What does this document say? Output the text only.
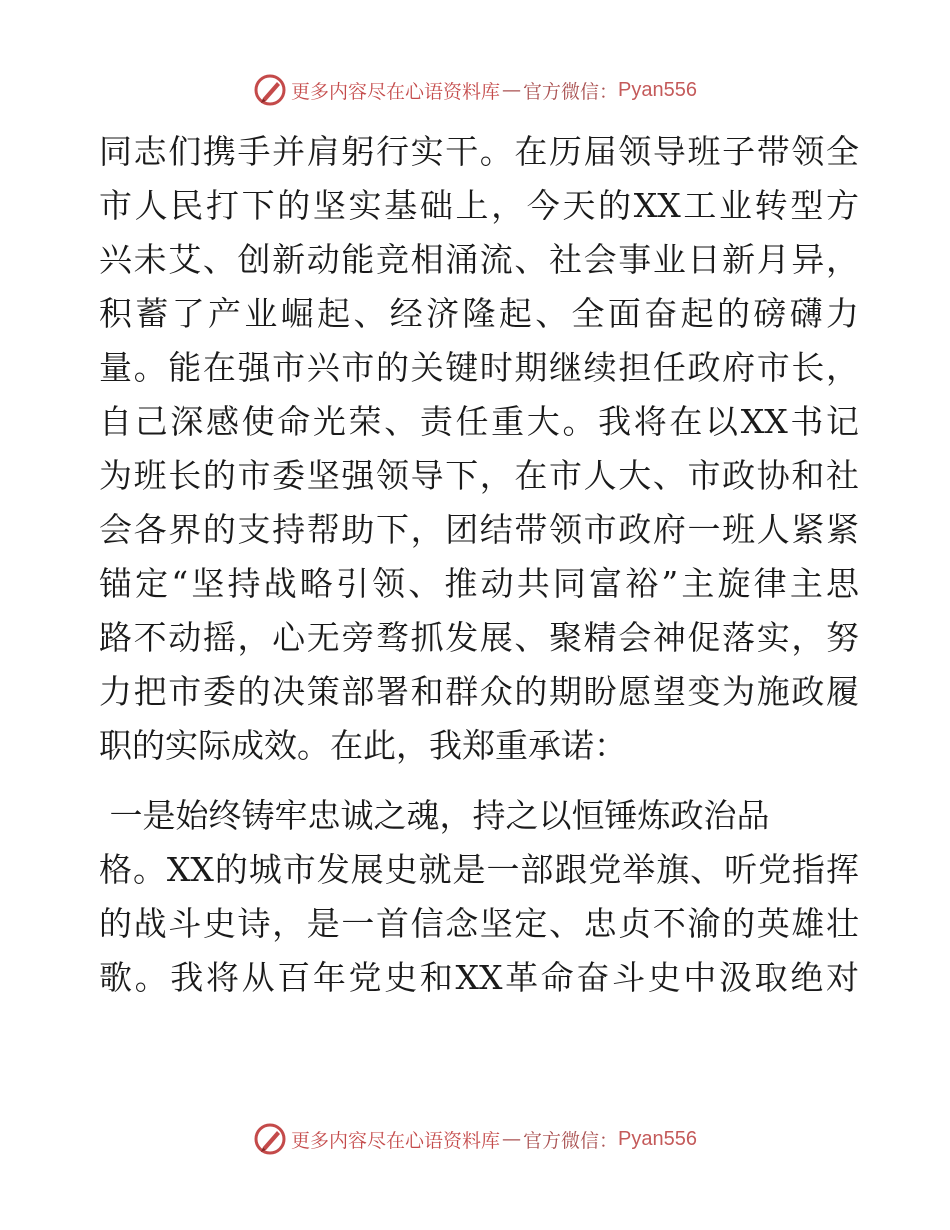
更多内容尽在心语资料库 — 官方微信： Pyan556
同志们携手并肩躬行实干。在历届领导班子带领全
市人民打下的坚实基础上，今天的XX工业转型方
兴未艾、创新动能竞相涌流、社会事业日新月异，
积蓄了产业崛起、经济隆起、全面奋起的磅礴力
量。能在强市兴市的关键时期继续担任政府市长，
自己深感使命光荣、责任重大。我将在以XX书记
为班长的市委坚强领导下，在市人大、市政协和社
会各界的支持帮助下，团结带领市政府一班人紧紧
锚定“坚持战略引领、推动共同富裕”主旋律主思
路不动摇，心无旁骛抓发展、聚精会神促落实，努
力把市委的决策部署和群众的期盼愿望变为施政履
职的实际成效。在此，我郑重承诺：
一是始终铸牢忠诚之魂，持之以恒锤炼政治品
格。XX的城市发展史就是一部跟党举旗、听党指挥
的战斗史诗，是一首信念坚定、忠贞不渝的英雄壮
歌。我将从百年党史和XX革命奋斗史中汲取绝对
更多内容尽在心语资料库 — 官方微信： Pyan556
